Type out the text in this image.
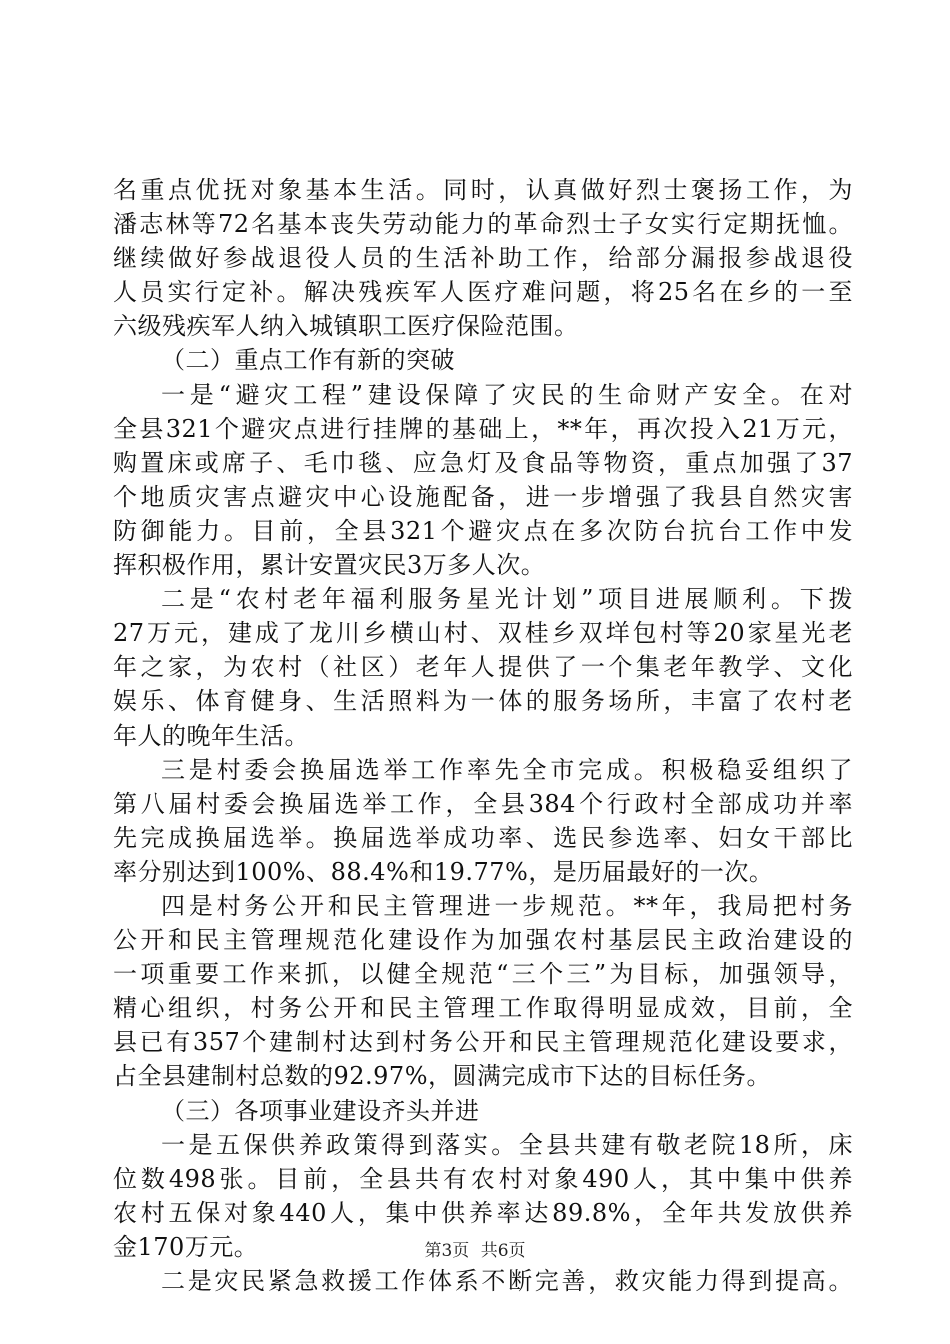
名重点优抚对象基本生活。同时，认真做好烈士褒扬工作，为
潘志林等72名基本丧失劳动能力的革命烈士子女实行定期抚恤。
继续做好参战退役人员的生活补助工作，给部分漏报参战退役
人员实行定补。解决残疾军人医疗难问题，将25名在乡的一至
六级残疾军人纳入城镇职工医疗保险范围。
（二）重点工作有新的突破
一是“避灾工程”建设保障了灾民的生命财产安全。在对
全县321个避灾点进行挂牌的基础上，**年，再次投入21万元，
购置床或席子、毛巾毯、应急灯及食品等物资，重点加强了37
个地质灾害点避灾中心设施配备，进一步增强了我县自然灾害
防御能力。目前，全县321个避灾点在多次防台抗台工作中发
挥积极作用，累计安置灾民3万多人次。
二是“农村老年福利服务星光计划”项目进展顺利。下拨
27万元，建成了龙川乡横山村、双桂乡双垟包村等20家星光老
年之家，为农村（社区）老年人提供了一个集老年教学、文化
娱乐、体育健身、生活照料为一体的服务场所，丰富了农村老
年人的晚年生活。
三是村委会换届选举工作率先全市完成。积极稳妥组织了
第八届村委会换届选举工作，全县384个行政村全部成功并率
先完成换届选举。换届选举成功率、选民参选率、妇女干部比
率分别达到100%、88.4%和19.77%，是历届最好的一次。
四是村务公开和民主管理进一步规范。**年，我局把村务
公开和民主管理规范化建设作为加强农村基层民主政治建设的
一项重要工作来抓，以健全规范“三个三”为目标，加强领导，
精心组织，村务公开和民主管理工作取得明显成效，目前，全
县已有357个建制村达到村务公开和民主管理规范化建设要求，
占全县建制村总数的92.97%，圆满完成市下达的目标任务。
（三）各项事业建设齐头并进
一是五保供养政策得到落实。全县共建有敬老院18所，床
位数498张。目前，全县共有农村对象490人，其中集中供养
农村五保对象440人，集中供养率达89.8%，全年共发放供养
金170万元。
二是灾民紧急救援工作体系不断完善，救灾能力得到提高。
第3页 共6页
